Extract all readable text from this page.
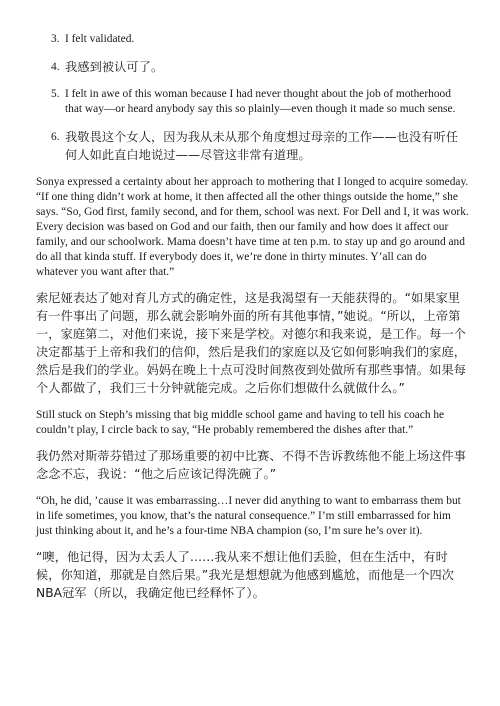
3. I felt validated.
4. 我感到被认可了。
5. I felt in awe of this woman because I had never thought about the job of motherhood that way—or heard anybody say this so plainly—even though it made so much sense.
6. 我敬畏这个女人，因为我从未从那个角度想过母亲的工作——也没有听任何人如此直白地说过——尽管这非常有道理。

Sonya expressed a certainty about her approach to mothering that I longed to acquire someday. “If one thing didn’t work at home, it then affected all the other things outside the home,” she says. “So, God first, family second, and for them, school was next. For Dell and I, it was work. Every decision was based on God and our faith, then our family and how does it affect our family, and our schoolwork. Mama doesn’t have time at ten p.m. to stay up and go around and do all that kinda stuff. If everybody does it, we’re done in thirty minutes. Y’all can do whatever you want after that.”

索尼娅表达了她对育儿方式的确定性，这是我渴望有一天能获得的。“如果家里有一件事出了问题，那么就会影响外面的所有其他事情，”她说。“所以，上帝第一，家庭第二，对他们来说，接下来是学校。对德尔和我来说，是工作。每一个决定都基于上帝和我们的信仰，然后是我们的家庭以及它如何影响我们的家庭，然后是我们的学业。妈妈在晚上十点可没时间熬夜到处做所有那些事情。如果每个人都做了，我们三十分钟就能完成。之后你们想做什么就做什么。”

Still stuck on Steph’s missing that big middle school game and having to tell his coach he couldn’t play, I circle back to say, “He probably remembered the dishes after that.”

我仍然对斯蒂芬错过了那场重要的初中比赛、不得不告诉教练他不能上场这件事念念不忘，我说：“他之后应该记得洗碗了。”

“Oh, he did, ’cause it was embarrassing…I never did anything to want to embarrass them but in life sometimes, you know, that’s the natural consequence.” I’m still embarrassed for him just thinking about it, and he’s a four-time NBA champion (so, I’m sure he’s over it).

“噢，他记得，因为太丢人了……我从来不想让他们丢脸，但在生活中，有时候，你知道，那就是自然后果。”我光是想想就为他感到尴尬，而他是一个四次NBA冠军（所以，我确定他已经释怀了）。
